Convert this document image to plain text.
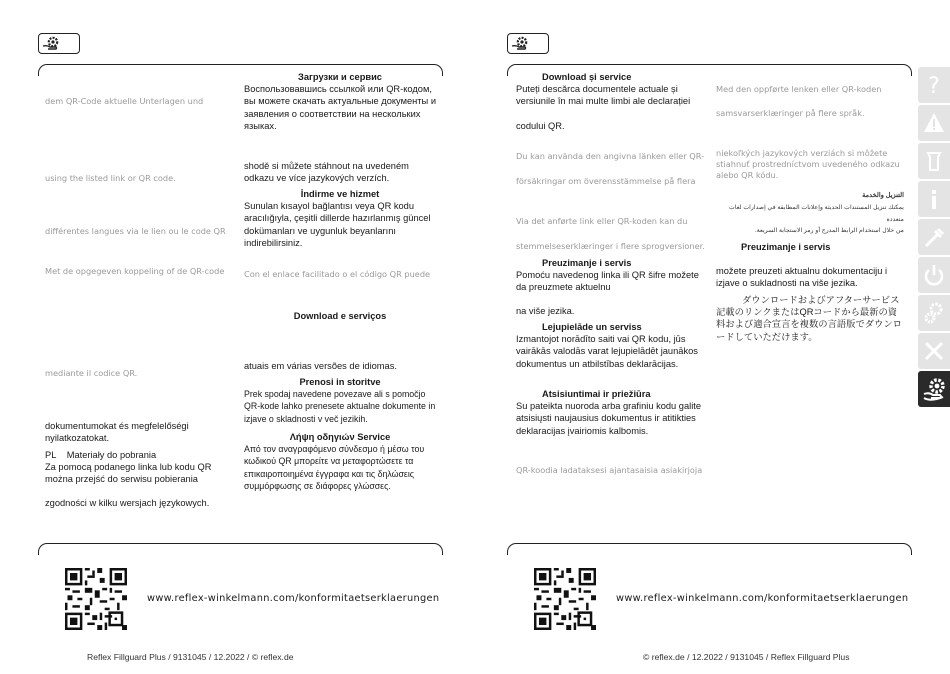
dem QR-Code aktuelle Unterlagen und
using the listed link or QR code.
différentes langues via le lien ou le code QR
Met de opgegeven koppeling of de QR-code
mediante il codice QR.
dokumentumokat és megfelelőségi nyilatkozatokat.
PL Materiały do pobrania
Za pomocą podanego linka lub kodu QR można przejść do serwisu pobierania
zgodności w kilku wersjach językowych.
Загрузки и сервис
Воспользовавшись ссылкой или QR-кодом, вы можете скачать актуальные документы и заявления о соответствии на нескольких языках.
shodě si můžete stáhnout na uvedeném odkazu ve více jazykových verzích.
İndirme ve hizmet
Sunulan kısayol bağlantısı veya QR kodu aracılığıyla, çeşitli dillerde hazırlanmış güncel dokümanları ve uygunluk beyanlarını indirebilirsiniz.
Con el enlace facilitado o el código QR puede
Download e serviços
atuais em várias versões de idiomas.
Prenosi in storitve
Prek spodaj navedene povezave ali s pomočjo QR-kode lahko prenesete aktualne dokumente in izjave o skladnosti v več jezikih.
Λήψη οδηγιών Service
Από τον αναγραφόμενο σύνδεσμο ή μέσω του κωδικού QR μπορείτε να μεταφορτώσετε τα επικαιροποιημένα έγγραφα και τις δηλώσεις συμμόρφωσης σε διάφορες γλώσσες.
Download și service
Puteți descărca documentele actuale și versiunile în mai multe limbi ale declarației
codului QR.
Du kan använda den angivna länken eller QR-
försäkringar om överensstämmelse på flera
Via det anførte link eller QR-koden kan du
stemmelseserklæringer i flere sprogversioner.
Preuzimanje i servis
Pomoću navedenog linka ili QR šifre možete da preuzmete aktuelnu
na više jezika.
Lejupielāde un serviss
Izmantojot norādīto saiti vai QR kodu, jūs vairākās valodās varat lejupielādēt jaunākos dokumentus un atbilstības deklarācijas.
Atsisiuntimai ir priežiūra
Su pateikta nuoroda arba grafiniu kodu galite atsisiųsti naujausius dokumentus ir atitikties deklaracijas įvairiomis kalbomis.
QR-koodia ladataksesi ajantasaisia asiakirjoja
Med den oppførte lenken eller QR-koden
samsvarserklæringer på flere språk.
niekoľkých jazykových verziách si môžete stiahnuť prostredníctvom uvedeného odkazu alebo QR kódu.
التنزيل والخدمة
يمكنك تنزيل المستندات الحديثة وإعلانات المطابقة في إصدارات لغات متعددة
من خلال استخدام الرابط المدرج أو رمز الاستجابة السريعة.
Preuzimanje i servis
možete preuzeti aktualnu dokumentaciju i izjave o sukladnosti na više jezika.
ダウンロードおよびアフターサービス記載のリンクまたはQRコードから最新の資料および適合宣言を複数の言語版でダウンロードしていただけます。
www.reflex-winkelmann.com/konformitaetserklaerungen	www.reflex-winkelmann.com/konformitaetserklaerungen
Reflex Fillguard Plus / 9131045 / 12.2022 / © reflex.de	© reflex.de / 12.2022 / 9131045 / Reflex Fillguard Plus
?
